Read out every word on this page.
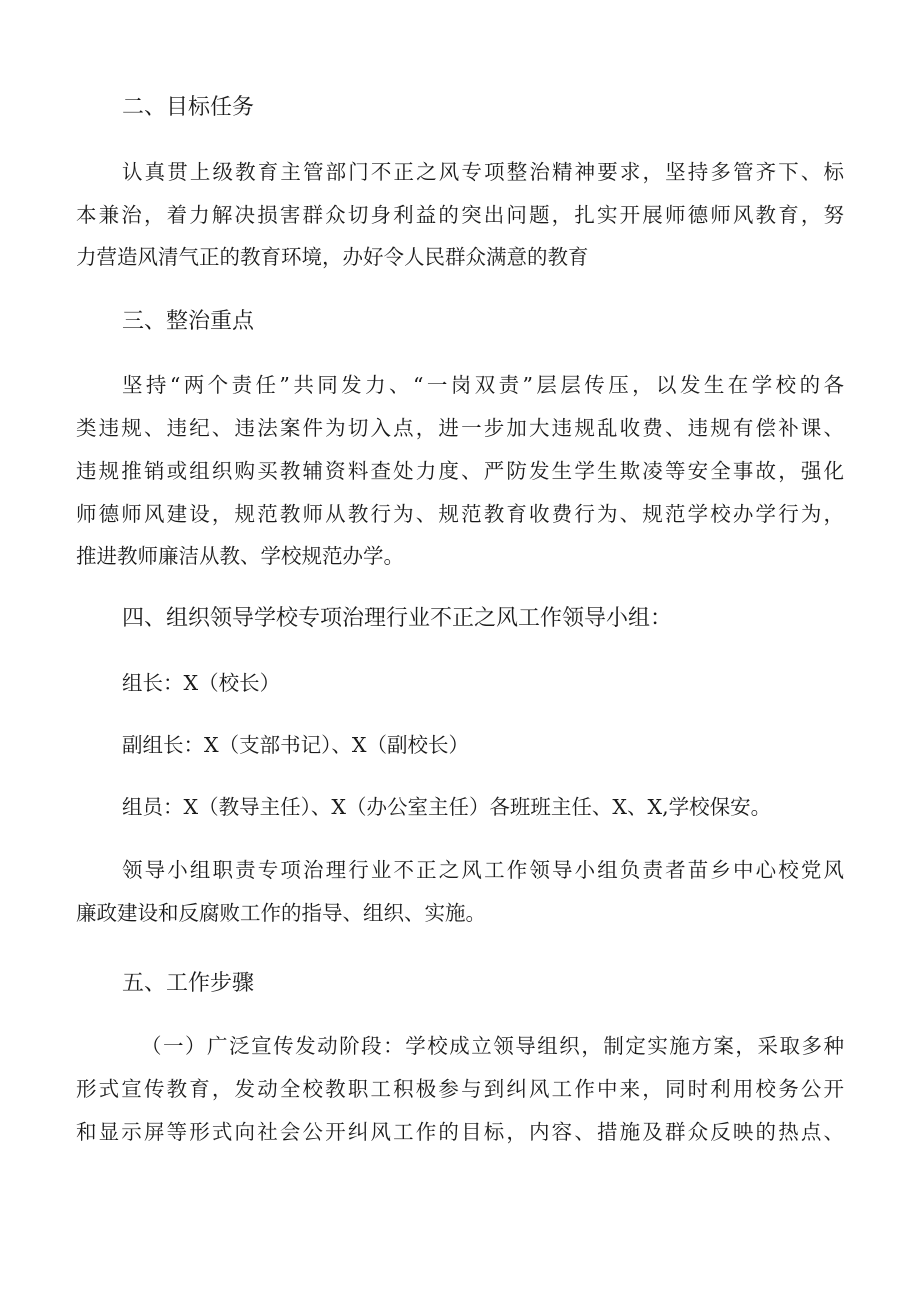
二、目标任务
认真贯上级教育主管部门不正之风专项整治精神要求，坚持多管齐下、标
本兼治，着力解决损害群众切身利益的突出问题，扎实开展师德师风教育，努
力营造风清气正的教育环境，办好令人民群众满意的教育
三、整治重点
坚持“两个责任”共同发力、“一岗双责”层层传压，以发生在学校的各
类违规、违纪、违法案件为切入点，进一步加大违规乱收费、违规有偿补课、
违规推销或组织购买教辅资料查处力度、严防发生学生欺凌等安全事故，强化
师德师风建设，规范教师从教行为、规范教育收费行为、规范学校办学行为，
推进教师廉洁从教、学校规范办学。
四、组织领导学校专项治理行业不正之风工作领导小组：
组长：X（校长）
副组长：X（支部书记）、X（副校长）
组员：X（教导主任）、X（办公室主任）各班班主任、X、X,学校保安。
领导小组职责专项治理行业不正之风工作领导小组负责者苗乡中心校党风
廉政建设和反腐败工作的指导、组织、实施。
五、工作步骤
（一）广泛宣传发动阶段：学校成立领导组织，制定实施方案，采取多种
形式宣传教育，发动全校教职工积极参与到纠风工作中来，同时利用校务公开
和显示屏等形式向社会公开纠风工作的目标，内容、措施及群众反映的热点、
